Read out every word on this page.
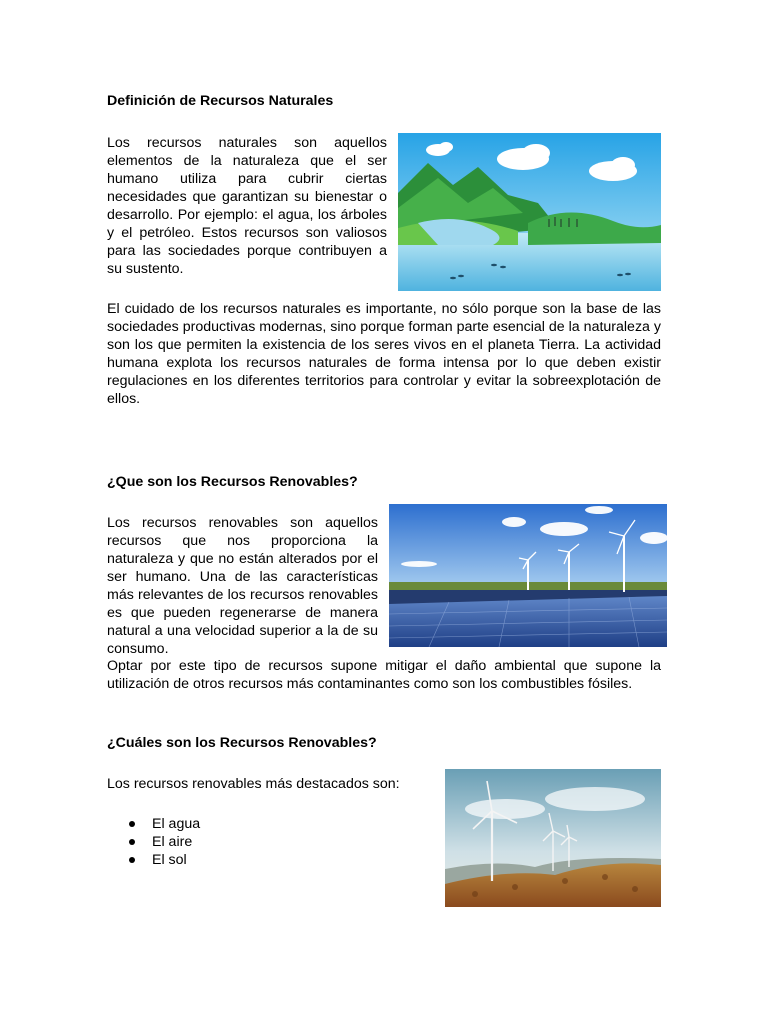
Definición de Recursos Naturales

Los recursos naturales son aquellos elementos de la naturaleza que el ser humano utiliza para cubrir ciertas necesidades que garantizan su bienestar o desarrollo. Por ejemplo: el agua, los árboles y el petróleo. Estos recursos son valiosos para las sociedades porque contribuyen a su sustento.

El cuidado de los recursos naturales es importante, no sólo porque son la base de las sociedades productivas modernas, sino porque forman parte esencial de la naturaleza y son los que permiten la existencia de los seres vivos en el planeta Tierra. La actividad humana explota los recursos naturales de forma intensa por lo que deben existir regulaciones en los diferentes territorios para controlar y evitar la sobreexplotación de ellos.

¿Que son los Recursos Renovables?

Los recursos renovables son aquellos recursos que nos proporciona la naturaleza y que no están alterados por el ser humano. Una de las características más relevantes de los recursos renovables es que pueden regenerarse de manera natural a una velocidad superior a la de su consumo.

Optar por este tipo de recursos supone mitigar el daño ambiental que supone la utilización de otros recursos más contaminantes como son los combustibles fósiles.

¿Cuáles son los Recursos Renovables?

Los recursos renovables más destacados son:

El agua
El aire
El sol
